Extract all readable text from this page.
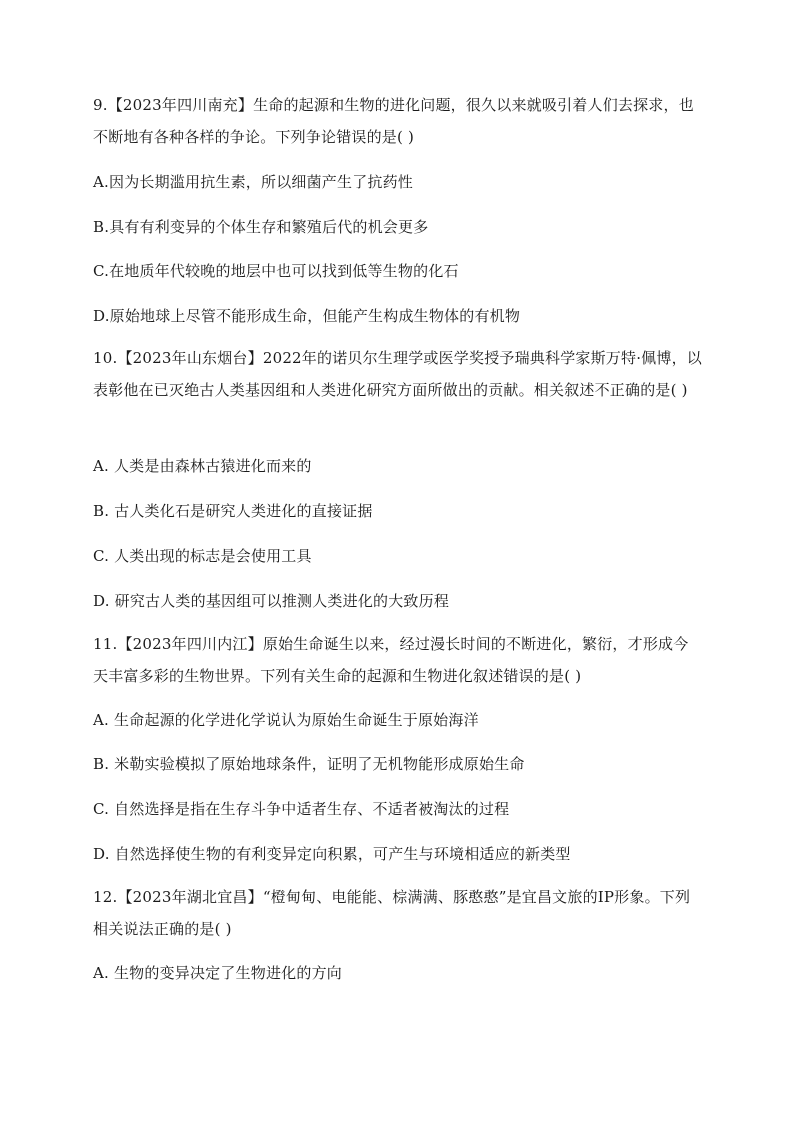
9.【2023年四川南充】生命的起源和生物的进化问题，很久以来就吸引着人们去探求，也不断地有各种各样的争论。下列争论错误的是( )
A.因为长期滥用抗生素，所以细菌产生了抗药性
B.具有有利变异的个体生存和繁殖后代的机会更多
C.在地质年代较晚的地层中也可以找到低等生物的化石
D.原始地球上尽管不能形成生命，但能产生构成生物体的有机物
10.【2023年山东烟台】2022年的诺贝尔生理学或医学奖授予瑞典科学家斯万特·佩博，以表彰他在已灭绝古人类基因组和人类进化研究方面所做出的贡献。相关叙述不正确的是( )
A. 人类是由森林古猿进化而来的
B. 古人类化石是研究人类进化的直接证据
C. 人类出现的标志是会使用工具
D. 研究古人类的基因组可以推测人类进化的大致历程
11.【2023年四川内江】原始生命诞生以来，经过漫长时间的不断进化，繁衍，才形成今天丰富多彩的生物世界。下列有关生命的起源和生物进化叙述错误的是( )
A. 生命起源的化学进化学说认为原始生命诞生于原始海洋
B. 米勒实验模拟了原始地球条件，证明了无机物能形成原始生命
C. 自然选择是指在生存斗争中适者生存、不适者被淘汰的过程
D. 自然选择使生物的有利变异定向积累，可产生与环境相适应的新类型
12.【2023年湖北宜昌】“橙甸甸、电能能、棕满满、豚憨憨”是宜昌文旅的IP形象。下列相关说法正确的是( )
A. 生物的变异决定了生物进化的方向
